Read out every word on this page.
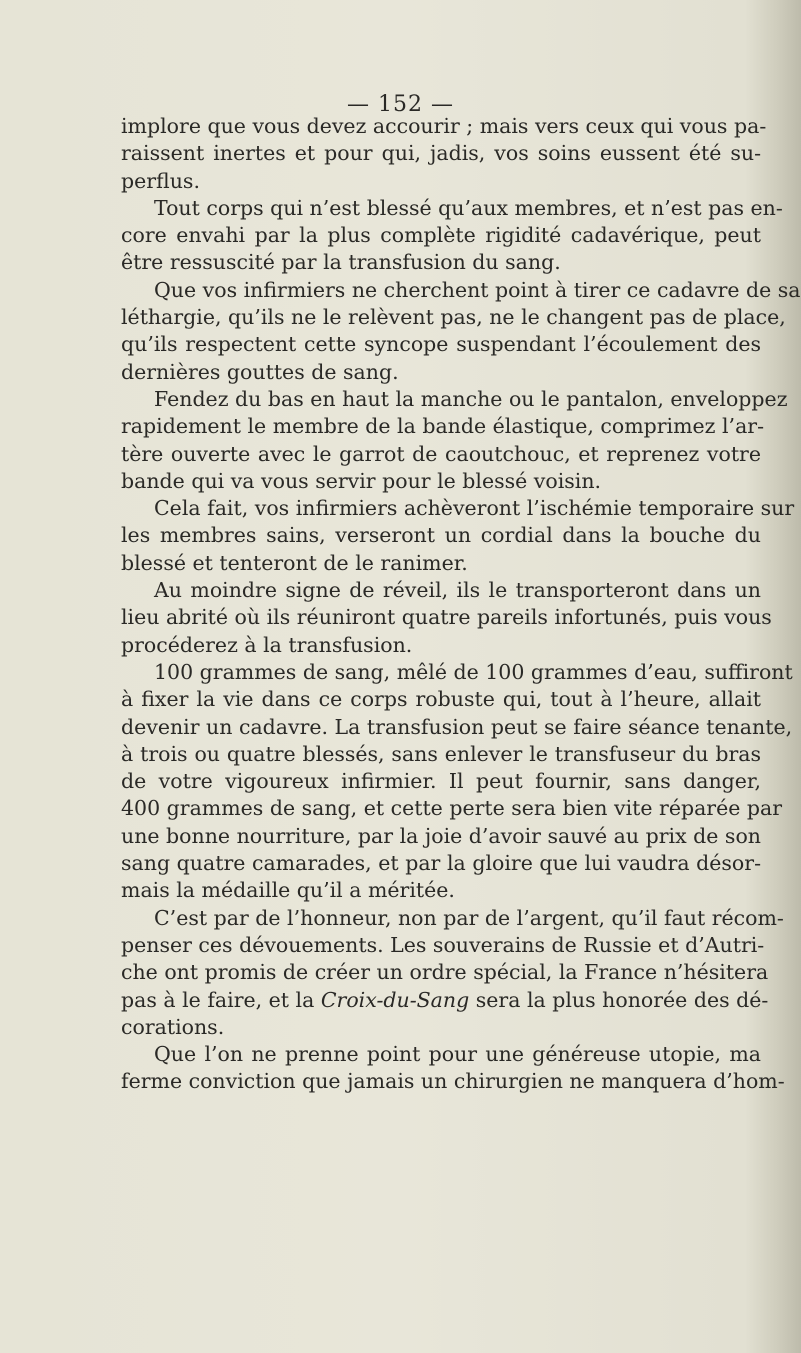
— 152 —
implore que vous devez accourir ; mais vers ceux qui vous pa-
raissent inertes et pour qui, jadis, vos soins eussent été su-
perflus.
Tout corps qui n’est blessé qu’aux membres, et n’est pas en-
core envahi par la plus complète rigidité cadavérique, peut
être ressuscité par la transfusion du sang.
Que vos infirmiers ne cherchent point à tirer ce cadavre de sa
léthargie, qu’ils ne le relèvent pas, ne le changent pas de place,
qu’ils respectent cette syncope suspendant l’écoulement des
dernières gouttes de sang.
Fendez du bas en haut la manche ou le pantalon, enveloppez
rapidement le membre de la bande élastique, comprimez l’ar-
tère ouverte avec le garrot de caoutchouc, et reprenez votre
bande qui va vous servir pour le blessé voisin.
Cela fait, vos infirmiers achèveront l’ischémie temporaire sur
les membres sains, verseront un cordial dans la bouche du
blessé et tenteront de le ranimer.
Au moindre signe de réveil, ils le transporteront dans un
lieu abrité où ils réuniront quatre pareils infortunés, puis vous
procéderez à la transfusion.
100 grammes de sang, mêlé de 100 grammes d’eau, suffiront
à fixer la vie dans ce corps robuste qui, tout à l’heure, allait
devenir un cadavre. La transfusion peut se faire séance tenante,
à trois ou quatre blessés, sans enlever le transfuseur du bras
de votre vigoureux infirmier. Il peut fournir, sans danger,
400 grammes de sang, et cette perte sera bien vite réparée par
une bonne nourriture, par la joie d’avoir sauvé au prix de son
sang quatre camarades, et par la gloire que lui vaudra désor-
mais la médaille qu’il a méritée.
C’est par de l’honneur, non par de l’argent, qu’il faut récom-
penser ces dévouements. Les souverains de Russie et d’Autri-
che ont promis de créer un ordre spécial, la France n’hésitera
pas à le faire, et la Croix-du-Sang sera la plus honorée des dé-
corations.
Que l’on ne prenne point pour une généreuse utopie, ma
ferme conviction que jamais un chirurgien ne manquera d’hom-
